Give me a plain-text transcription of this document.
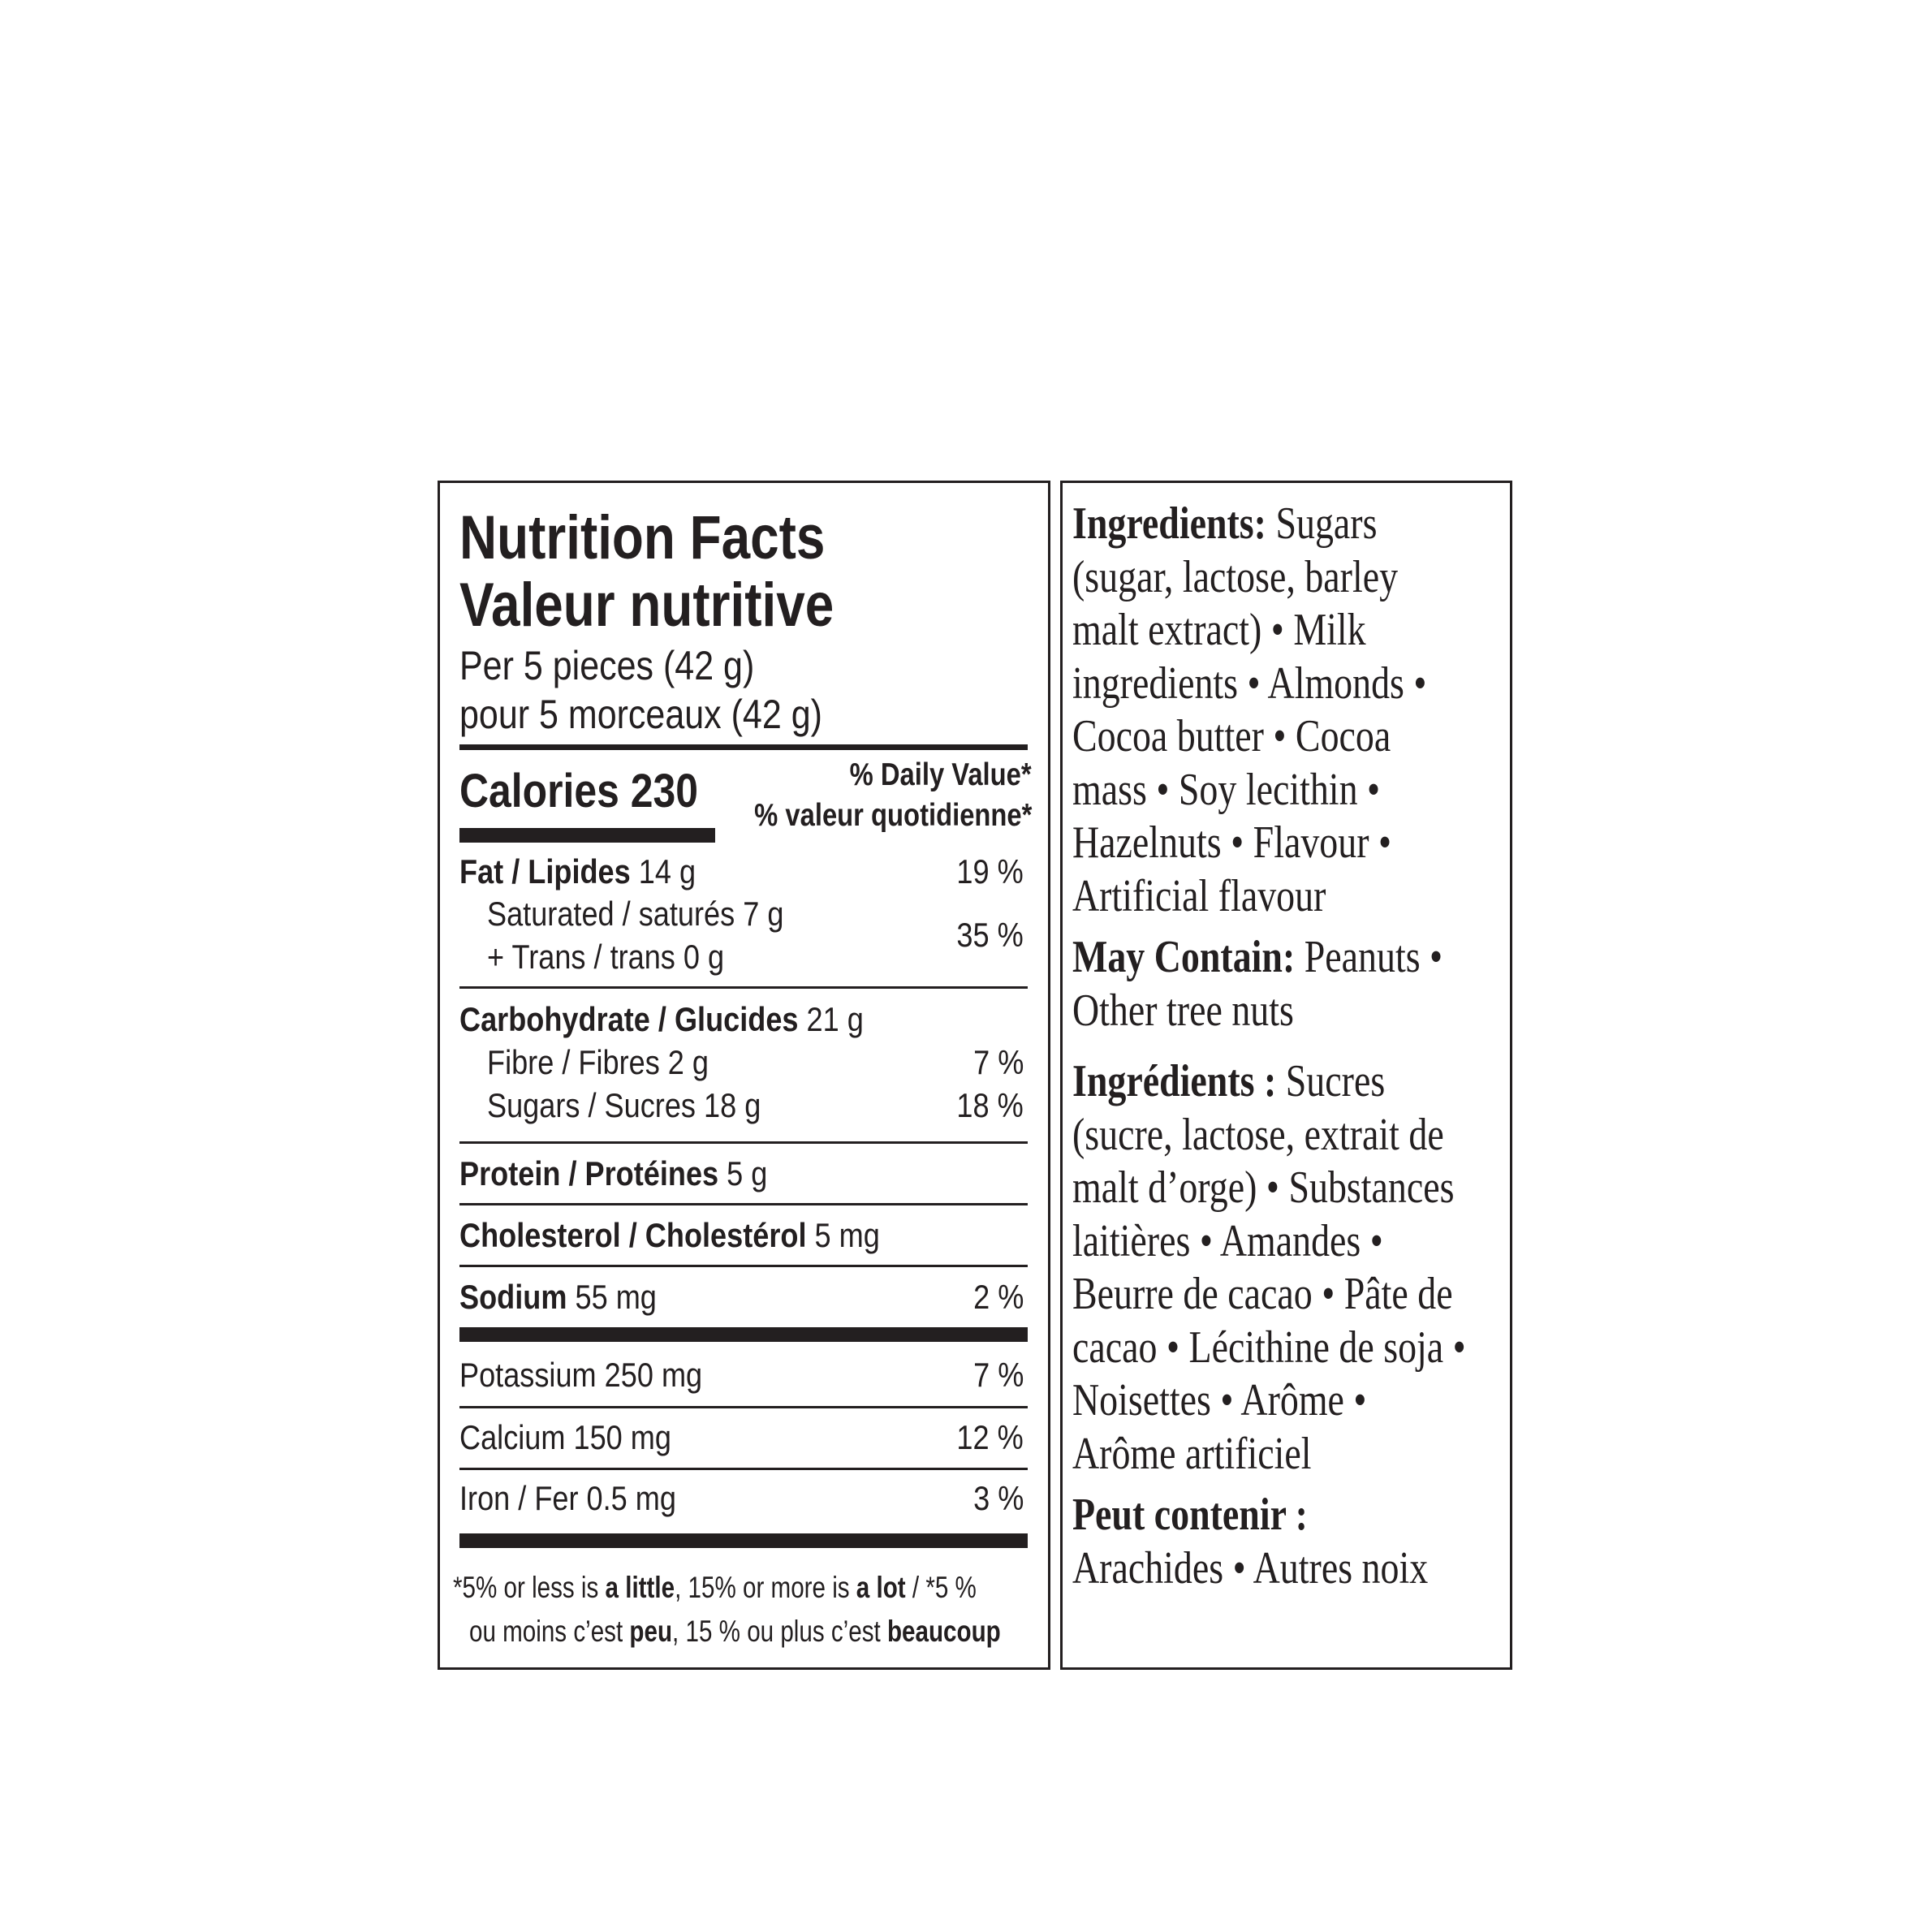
Nutrition Facts
Valeur nutritive
Per 5 pieces (42 g)
pour 5 morceaux (42 g)
Calories 230	% Daily Value*
% valeur quotidienne*
Fat / Lipides 14 g	19 %
Saturated / saturés 7 g
+ Trans / trans 0 g
35 %
Carbohydrate / Glucides 21 g
Fibre / Fibres 2 g	7 %
Sugars / Sucres 18 g	18 %
Protein / Protéines 5 g
Cholesterol / Cholestérol 5 mg
Sodium 55 mg	2 %
Potassium 250 mg	7 %
Calcium 150 mg	12 %
Iron / Fer 0.5 mg	3 %
*5% or less is a little, 15% or more is a lot / *5 %
ou moins c’est peu, 15 % ou plus c’est beaucoup

Ingredients: Sugars (sugar, lactose, barley malt extract) • Milk ingredients • Almonds • Cocoa butter • Cocoa mass • Soy lecithin • Hazelnuts • Flavour • Artificial flavour

May Contain: Peanuts • Other tree nuts

Ingrédients : Sucres (sucre, lactose, extrait de malt d’orge) • Substances laitières • Amandes • Beurre de cacao • Pâte de cacao • Lécithine de soja • Noisettes • Arôme • Arôme artificiel

Peut contenir :

Arachides • Autres noix
